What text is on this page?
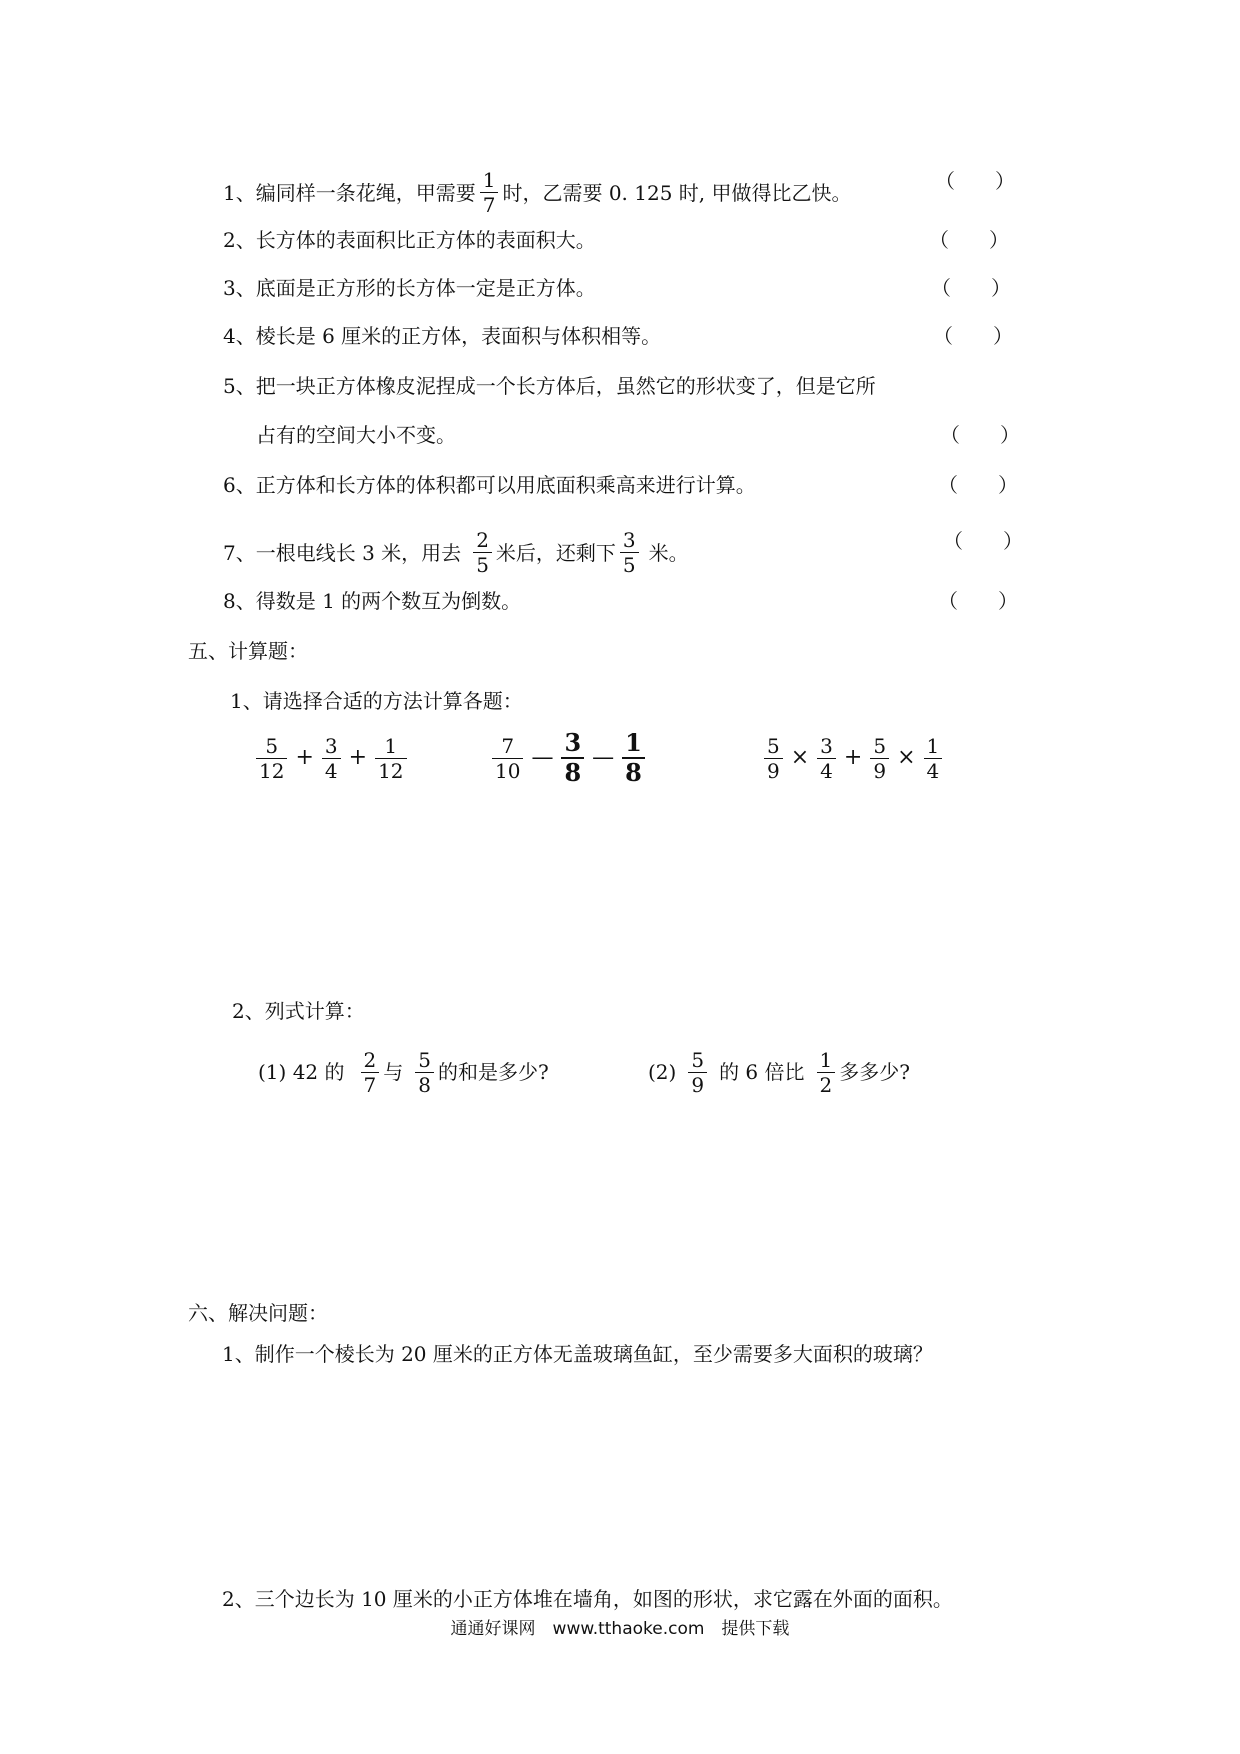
1、 编同样一条花绳，甲需要 $\frac{1}{7}$ 时，乙需要 0. 125 时, 甲做得比乙快。	（　　）
2、 长方体的表面积比正方体的表面积大。	（　　）
3、 底面是正方形的长方体一定是正方体。	（　　）
4、 棱长是 6 厘米的正方体，表面积与体积相等。	（　　）
5、 把一块正方体橡皮泥捏成一个长方体后，虽然它的形状变了，但是它所
占有的空间大小不变。	（　　）
6、 正方体和长方体的体积都可以用底面积乘高来进行计算。	（　　）
7、 一根电线长 3 米，用去 $\frac{2}{5}$ 米后，还剩下 $\frac{3}{5}$ 米。	（　　）
8、 得数是 1 的两个数互为倒数。	（　　）
五、计算题：
1、请选择合适的方法计算各题：
$\frac{5}{12} + \frac{3}{4} + \frac{1}{12}$	$\frac{7}{10}$ — $\frac{3}{8}$ — $\frac{1}{8}$	$\frac{5}{9} \times \frac{3}{4} + \frac{5}{9} \times \frac{1}{4}$
2、列式计算：
(1) 42 的 $\frac{2}{7}$ 与 $\frac{5}{8}$ 的和是多少?	$(2) \frac{5}{9}$ 的 6 倍比 $\frac{1}{2}$ 多多少?
六、解决问题：
1、制作一个棱长为 20 厘米的正方体无盖玻璃鱼缸，至少需要多大面积的玻璃？
2、三个边长为 10 厘米的小正方体堆在墙角，如图的形状，求它露在外面的面积。
通通好课网　www.tthaoke.com　提供下载
